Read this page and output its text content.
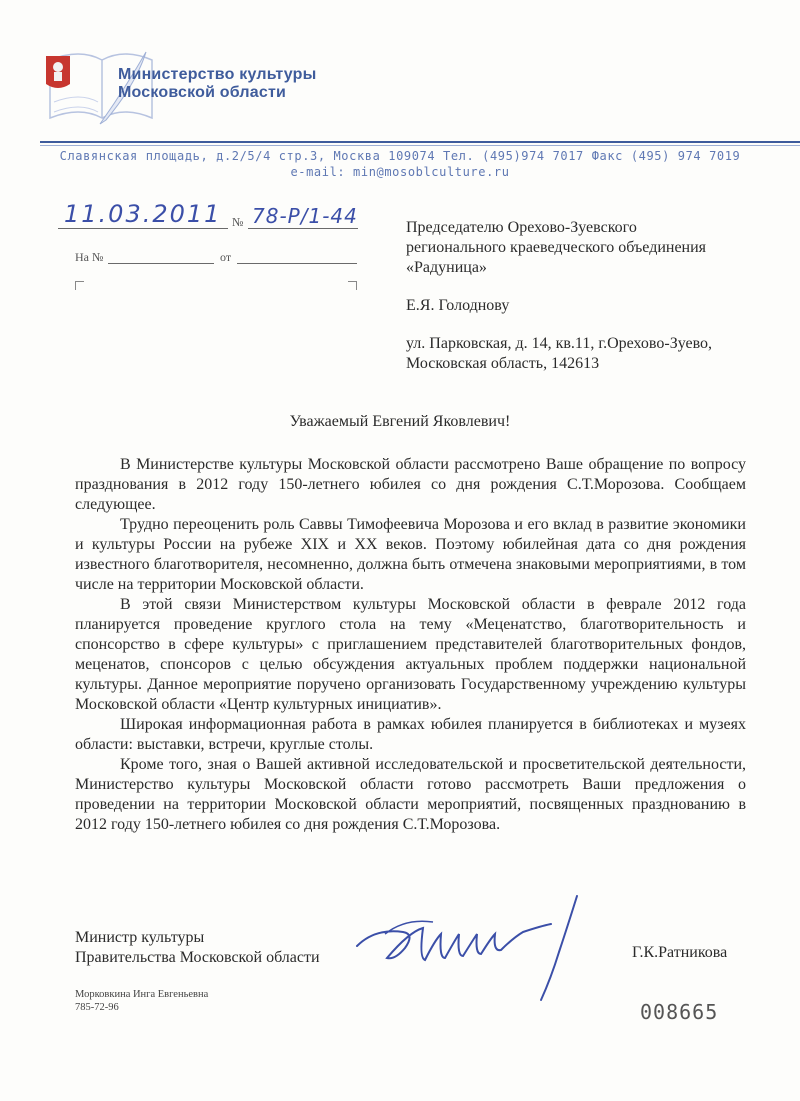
Министерство культуры
Московской области
Славянская площадь, д.2/5/4 стр.3, Москва 109074 Тел. (495)974 7017 Факс (495) 974 7019
e-mail: min@mosoblculture.ru
11.03.2011 № 78-Р/1-44
На №	от
Председателю Орехово-Зуевского
регионального краеведческого объединения
«Радуница»
Е.Я. Голоднову
ул. Парковская, д. 14, кв.11, г.Орехово-Зуево,
Московская область, 142613
Уважаемый Евгений Яковлевич!

В Министерстве культуры Московской области рассмотрено Ваше обращение по вопросу празднования в 2012 году 150-летнего юбилея со дня рождения С.Т.Морозова. Сообщаем следующее.

Трудно переоценить роль Саввы Тимофеевича Морозова и его вклад в развитие экономики и культуры России на рубеже XIX и XX веков. Поэтому юбилейная дата со дня рождения известного благотворителя, несомненно, должна быть отмечена знаковыми мероприятиями, в том числе на территории Московской области.

В этой связи Министерством культуры Московской области в феврале 2012 года планируется проведение круглого стола на тему «Меценатство, благотворительность и спонсорство в сфере культуры» с приглашением представителей благотворительных фондов, меценатов, спонсоров с целью обсуждения актуальных проблем поддержки национальной культуры. Данное мероприятие поручено организовать Государственному учреждению культуры Московской области «Центр культурных инициатив».

Широкая информационная работа в рамках юбилея планируется в библиотеках и музеях области: выставки, встречи, круглые столы.

Кроме того, зная о Вашей активной исследовательской и просветительской деятельности, Министерство культуры Московской области готово рассмотреть Ваши предложения о проведении на территории Московской области мероприятий, посвященных празднованию в 2012 году 150-летнего юбилея со дня рождения С.Т.Морозова.

Министр культуры
Правительства Московской области	Г.К.Ратникова
Морковкина Инга Евгеньевна
785-72-96	008665
